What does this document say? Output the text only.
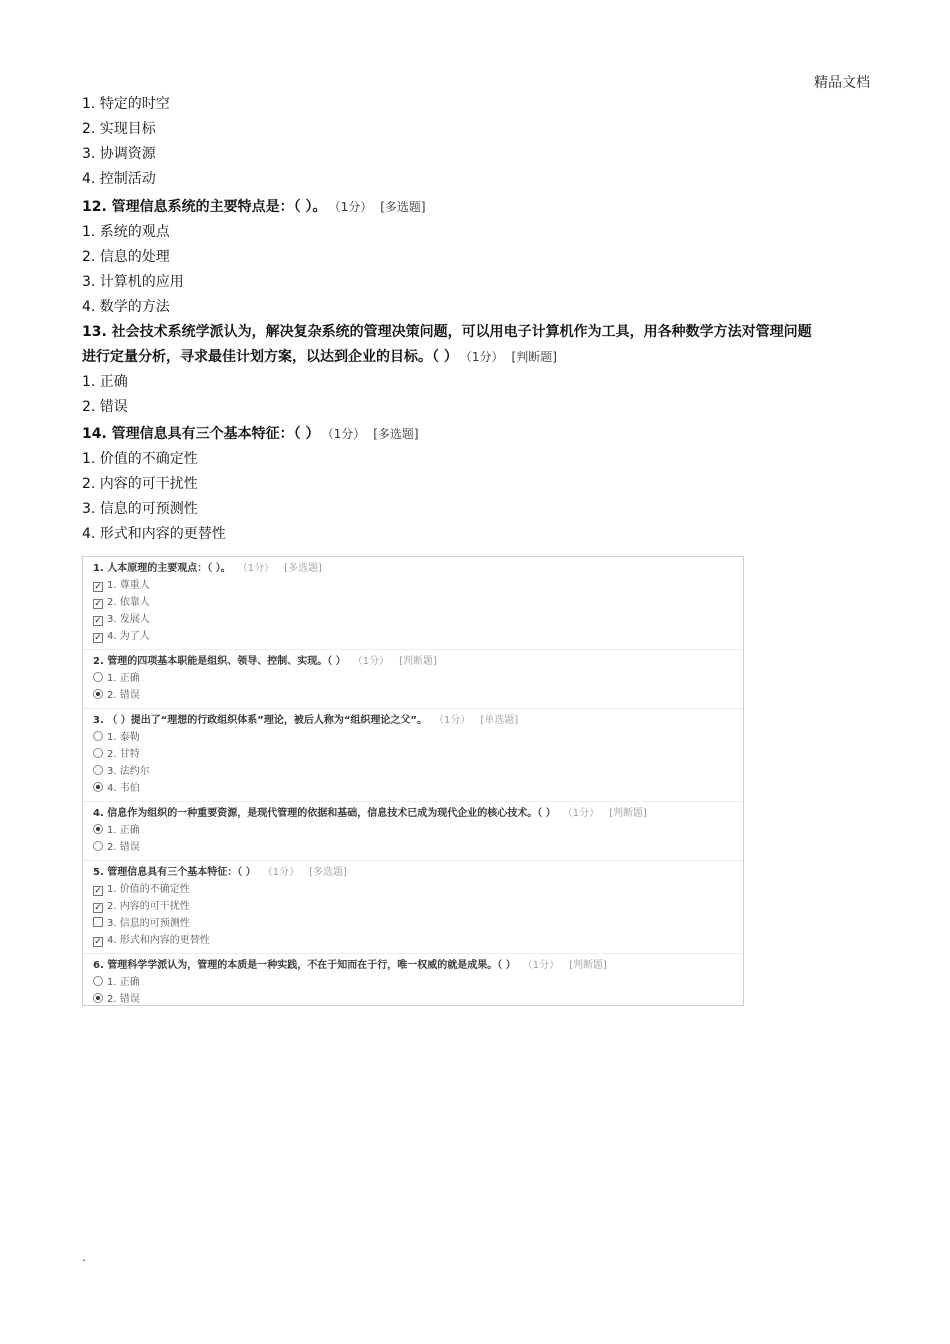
精品文档
1. 特定的时空
2. 实现目标
3. 协调资源
4. 控制活动
12. 管理信息系统的主要特点是：（ ）。 （1分） [多选题]
1. 系统的观点
2. 信息的处理
3. 计算机的应用
4. 数学的方法
13. 社会技术系统学派认为，解决复杂系统的管理决策问题，可以用电子计算机作为工具，用各种数学方法对管理问题
进行定量分析，寻求最佳计划方案，以达到企业的目标。（ ） （1分） [判断题]
1. 正确
2. 错误
14. 管理信息具有三个基本特征：（ ） （1分） [多选题]
1. 价值的不确定性
2. 内容的可干扰性
3. 信息的可预测性
4. 形式和内容的更替性
1. 人本原理的主要观点：（ ）。 （1分） [多选题]
✓ 1. 尊重人
✓ 2. 依靠人
✓ 3. 发展人
✓ 4. 为了人
2. 管理的四项基本职能是组织、领导、控制、实现。（ ） （1分） [判断题]
1. 正确
2. 错误
3. （ ）提出了“理想的行政组织体系”理论，被后人称为“组织理论之父”。 （1分） [单选题]
1. 泰勒
2. 甘特
3. 法约尔
4. 韦伯
4. 信息作为组织的一种重要资源，是现代管理的依据和基础，信息技术已成为现代企业的核心技术。（ ） （1分） [判断题]
1. 正确
2. 错误
5. 管理信息具有三个基本特征：（ ） （1分） [多选题]
✓ 1. 价值的不确定性
✓ 2. 内容的可干扰性
3. 信息的可预测性
✓ 4. 形式和内容的更替性
6. 管理科学学派认为，管理的本质是一种实践，不在于知而在于行，唯一权威的就是成果。（ ） （1分） [判断题]
1. 正确
2. 错误
.
